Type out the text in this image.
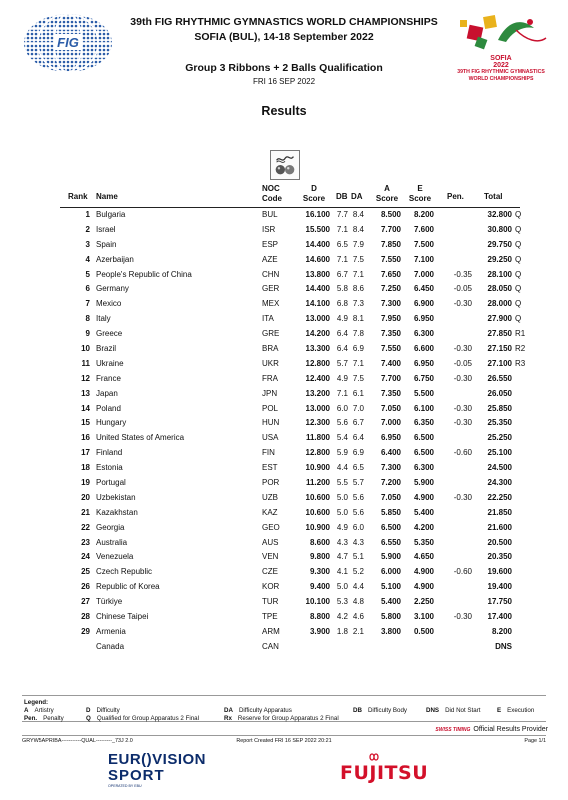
FIG
39th FIG RHYTHMIC GYMNASTICS WORLD CHAMPIONSHIPS
SOFIA (BUL), 14-18 September 2022
Group 3 Ribbons + 2 Balls Qualification
FRI 16 SEP 2022
SOFIA
2022
39TH FIG RHYTHMIC GYMNASTICS
WORLD CHAMPIONSHIPS
Results
Rank Name
NOC
Code
D
Score	DB DA
A
Score
E
Score	Pen.	Total
1 Bulgaria	BUL	16.100 7.7 8.4	8.500	8.200	32.800 Q
2 Israel	ISR	15.500 7.1 8.4	7.700	7.600	30.800 Q
3 Spain	ESP	14.400 6.5 7.9	7.850	7.500	29.750 Q
4 Azerbaijan	AZE	14.600 7.1 7.5	7.550	7.100	29.250 Q
5 People's Republic of China	CHN	13.800 6.7 7.1	7.650	7.000	-0.35	28.100 Q
6 Germany	GER	14.400 5.8 8.6	7.250	6.450	-0.05	28.050 Q
7 Mexico	MEX	14.100 6.8 7.3	7.300	6.900	-0.30	28.000 Q
8 Italy	ITA	13.000 4.9 8.1	7.950	6.950	27.900 Q
9 Greece	GRE	14.200 6.4 7.8	7.350	6.300	27.850 R1
10 Brazil	BRA	13.300 6.4 6.9	7.550	6.600	-0.30	27.150 R2
11 Ukraine	UKR	12.800 5.7 7.1	7.400	6.950	-0.05	27.100 R3
12 France	FRA	12.400 4.9 7.5	7.700	6.750	-0.30	26.550
13 Japan	JPN	13.200 7.1 6.1	7.350	5.500	26.050
14 Poland	POL	13.000 6.0 7.0	7.050	6.100	-0.30	25.850
15 Hungary	HUN	12.300 5.6 6.7	7.000	6.350	-0.30	25.350
16 United States of America	USA	11.800 5.4 6.4	6.950	6.500	25.250
17 Finland	FIN	12.800 5.9 6.9	6.400	6.500	-0.60	25.100
18 Estonia	EST	10.900 4.4 6.5	7.300	6.300	24.500
19 Portugal	POR	11.200 5.5 5.7	7.200	5.900	24.300
20 Uzbekistan	UZB	10.600 5.0 5.6	7.050	4.900	-0.30	22.250
21 Kazakhstan	KAZ	10.600 5.0 5.6	5.850	5.400	21.850
22 Georgia	GEO	10.900 4.9 6.0	6.500	4.200	21.600
23 Australia	AUS	8.600 4.3 4.3	6.550	5.350	20.500
24 Venezuela	VEN	9.800 4.7 5.1	5.900	4.650	20.350
25 Czech Republic	CZE	9.300 4.1 5.2	6.000	4.900	-0.60	19.600
26 Republic of Korea	KOR	9.400 5.0 4.4	5.100	4.900	19.400
27 Türkiye	TUR	10.100 5.3 4.8	5.400	2.250	17.750
28 Chinese Taipei	TPE	8.800 4.2 4.6	5.800	3.100	-0.30	17.400
29 Armenia	ARM	3.900 1.8 2.1	3.800	0.500	8.200
Canada	CAN	DNS
Legend:
A Artistry	D Difficulty	DA Difficulty Apparatus	DB Difficulty Body	DNS Did Not Start	E Execution
Pen. Penalty	Q Qualified for Group Apparatus 2 Final	Rx Reserve for Group Apparatus 2 Final
SWISS TIMING Official Results Provider
GRYW5APRIBA-----------QUAL---------_73J 2.0	Report Created FRI 16 SEP 2022 20:21	Page 1/1
EUR()VISION
SPORT
OPERATED BY EBU
FUJITSU
